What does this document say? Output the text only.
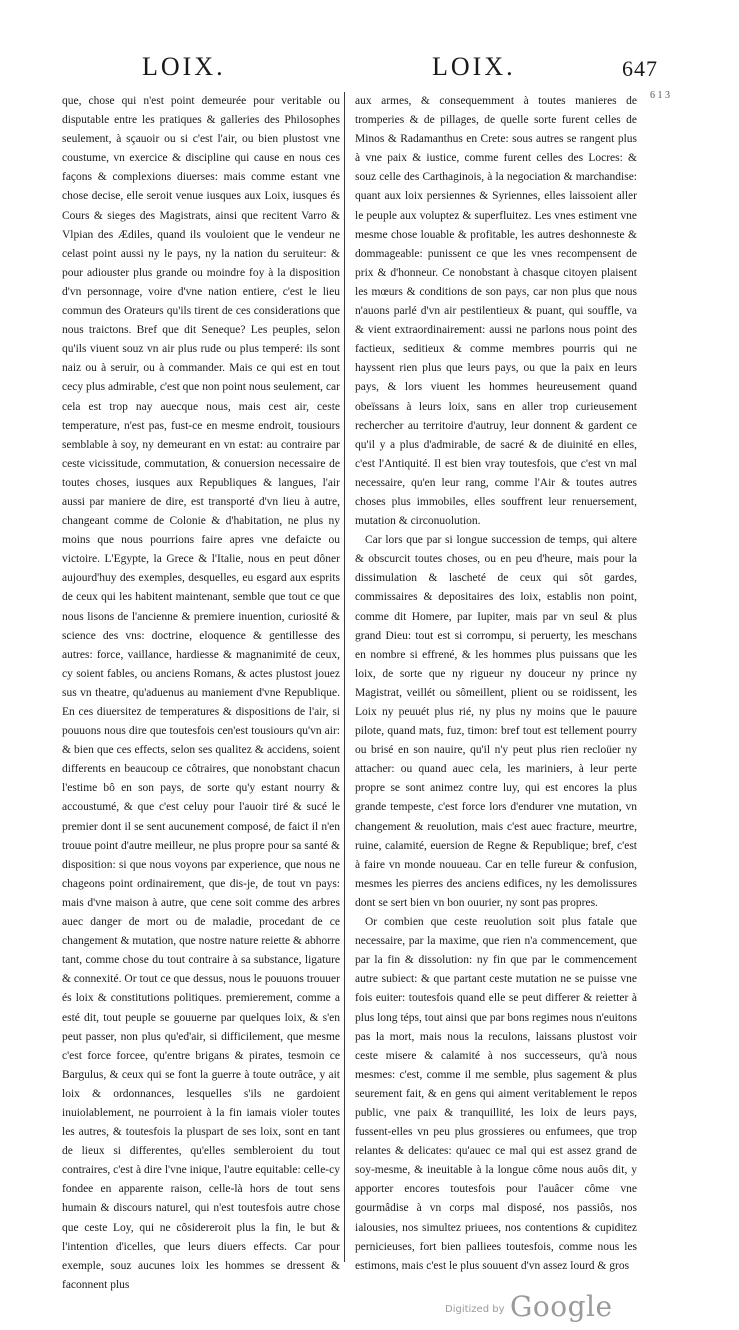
LOIX.	LOIX.	647
6 1 3

que, chose qui n'est point demeurée pour veritable ou disputable entre les pratiques & galleries des Philosophes seulement, à sçauoir ou si c'est l'air, ou bien plustost vne coustume, vn exercice & discipline qui cause en nous ces façons & complexions diuerses: mais comme estant vne chose decise, elle seroit venue iusques aux Loix, iusques és Cours & sieges des Magistrats, ainsi que recitent Varro & Vlpian des Ædiles, quand ils vouloient que le vendeur ne celast point aussi ny le pays, ny la nation du seruiteur: & pour adiouster plus grande ou moindre foy à la disposition d'vn personnage, voire d'vne nation entiere, c'est le lieu commun des Orateurs qu'ils tirent de ces considerations que nous traictons. Bref que dit Seneque? Les peuples, selon qu'ils viuent souz vn air plus rude ou plus temperé: ils sont naiz ou à seruir, ou à commander. Mais ce qui est en tout cecy plus admirable, c'est que non point nous seulement, car cela est trop nay auecque nous, mais cest air, ceste temperature, n'est pas, fust-ce en mesme endroit, tousiours semblable à soy, ny demeurant en vn estat: au contraire par ceste vicissitude, commutation, & conuersion necessaire de toutes choses, iusques aux Republiques & langues, l'air aussi par maniere de dire, est transporté d'vn lieu à autre, changeant comme de Colonie & d'habitation, ne plus ny moins que nous pourrions faire apres vne defaicte ou victoire. L'Egypte, la Grece & l'Italie, nous en peut dôner aujourd'huy des exemples, desquelles, eu esgard aux esprits de ceux qui les habitent maintenant, semble que tout ce que nous lisons de l'ancienne & premiere inuention, curiosité & science des vns: doctrine, eloquence & gentillesse des autres: force, vaillance, hardiesse & magnanimité de ceux, cy soient fables, ou anciens Romans, & actes plustost jouez sus vn theatre, qu'aduenus au maniement d'vne Republique. En ces diuersitez de temperatures & dispositions de l'air, si pouuons nous dire que toutesfois cen'est tousiours qu'vn air: & bien que ces effects, selon ses qualitez & accidens, soient differents en beaucoup ce côtraires, que nonobstant chacun l'estime bô en son pays, de sorte qu'y estant nourry & accoustumé, & que c'est celuy pour l'auoir tiré & sucé le premier dont il se sent aucunement composé, de faict il n'en trouue point d'autre meilleur, ne plus propre pour sa santé & disposition: si que nous voyons par experience, que nous ne chageons point ordinairement, que dis-je, de tout vn pays: mais d'vne maison à autre, que cene soit comme des arbres auec danger de mort ou de maladie, procedant de ce changement & mutation, que nostre nature reiette & abhorre tant, comme chose du tout contraire à sa substance, ligature & connexité. Or tout ce que dessus, nous le pouuons trouuer és loix & constitutions politiques. premierement, comme a esté dit, tout peuple se gouuerne par quelques loix, & s'en peut passer, non plus qu'ed'air, si difficilement, que mesme c'est force forcee, qu'entre brigans & pirates, tesmoin ce Bargulus, & ceux qui se font la guerre à toute outrâce, y ait loix & ordonnances, lesquelles s'ils ne gardoient inuiolablement, ne pourroient à la fin iamais violer toutes les autres, & toutesfois la pluspart de ses loix, sont en tant de lieux si differentes, qu'elles sembleroient du tout contraires, c'est à dire l'vne inique, l'autre equitable: celle-cy fondee en apparente raison, celle-là hors de tout sens humain & discours naturel, qui n'est toutesfois autre chose que ceste Loy, qui ne côsidereroit plus la fin, le but & l'intention d'icelles, que leurs diuers effects. Car pour exemple, souz aucunes loix les hommes se dressent & faconnent plus

aux armes, & consequemment à toutes manieres de tromperies & de pillages, de quelle sorte furent celles de Minos & Radamanthus en Crete: sous autres se rangent plus à vne paix & iustice, comme furent celles des Locres: & souz celle des Carthaginois, à la negociation & marchandise: quant aux loix persiennes & Syriennes, elles laissoient aller le peuple aux voluptez & superfluitez. Les vnes estiment vne mesme chose louable & profitable, les autres deshonneste & dommageable: punissent ce que les vnes recompensent de prix & d'honneur. Ce nonobstant à chasque citoyen plaisent les mœurs & conditions de son pays, car non plus que nous n'auons parlé d'vn air pestilentieux & puant, qui souffle, va & vient extraordinairement: aussi ne parlons nous point des factieux, seditieux & comme membres pourris qui ne hayssent rien plus que leurs pays, ou que la paix en leurs pays, & lors viuent les hommes heureusement quand obeïssans à leurs loix, sans en aller trop curieusement rechercher au territoire d'autruy, leur donnent & gardent ce qu'il y a plus d'admirable, de sacré & de diuinité en elles, c'est l'Antiquité. Il est bien vray toutesfois, que c'est vn mal necessaire, qu'en leur rang, comme l'Air & toutes autres choses plus immobiles, elles souffrent leur renuersement, mutation & circonuolution.

Car lors que par si longue succession de temps, qui altere & obscurcit toutes choses, ou en peu d'heure, mais pour la dissimulation & lascheté de ceux qui sôt gardes, commissaires & depositaires des loix, establis non point, comme dit Homere, par Iupiter, mais par vn seul & plus grand Dieu: tout est si corrompu, si peruerty, les meschans en nombre si effrené, & les hommes plus puissans que les loix, de sorte que ny rigueur ny douceur ny prince ny Magistrat, veillét ou sômeillent, plient ou se roidissent, les Loix ny peuuét plus rié, ny plus ny moins que le pauure pilote, quand mats, fuz, timon: bref tout est tellement pourry ou brisé en son nauire, qu'il n'y peut plus rien recloüer ny attacher: ou quand auec cela, les mariniers, à leur perte propre se sont animez contre luy, qui est encores la plus grande tempeste, c'est force lors d'endurer vne mutation, vn changement & reuolution, mais c'est auec fracture, meurtre, ruine, calamité, euersion de Regne & Republique; bref, c'est à faire vn monde nouueau. Car en telle fureur & confusion, mesmes les pierres des anciens edifices, ny les demolissures dont se sert bien vn bon ouurier, ny sont pas propres.

Or combien que ceste reuolution soit plus fatale que necessaire, par la maxime, que rien n'a commencement, que par la fin & dissolution: ny fin que par le commencement autre subiect: & que partant ceste mutation ne se puisse vne fois euiter: toutesfois quand elle se peut differer & reietter à plus long téps, tout ainsi que par bons regimes nous n'euitons pas la mort, mais nous la reculons, laissans plustost voir ceste misere & calamité à nos successeurs, qu'à nous mesmes: c'est, comme il me semble, plus sagement & plus seurement fait, & en gens qui aiment veritablement le repos public, vne paix & tranquillité, les loix de leurs pays, fussent-elles vn peu plus grossieres ou enfumees, que trop relantes & delicates: qu'auec ce mal qui est assez grand de soy-mesme, & ineuitable à la longue côme nous auôs dit, y apporter encores toutesfois pour l'auâcer côme vne gourmâdise à vn corps mal disposé, nos passiôs, nos ialousies, nos simultez priuees, nos contentions & cupiditez pernicieuses, fort bien palliees toutesfois, comme nous les estimons, mais c'est le plus souuent d'vn assez lourd & gros

Digitized by Google
